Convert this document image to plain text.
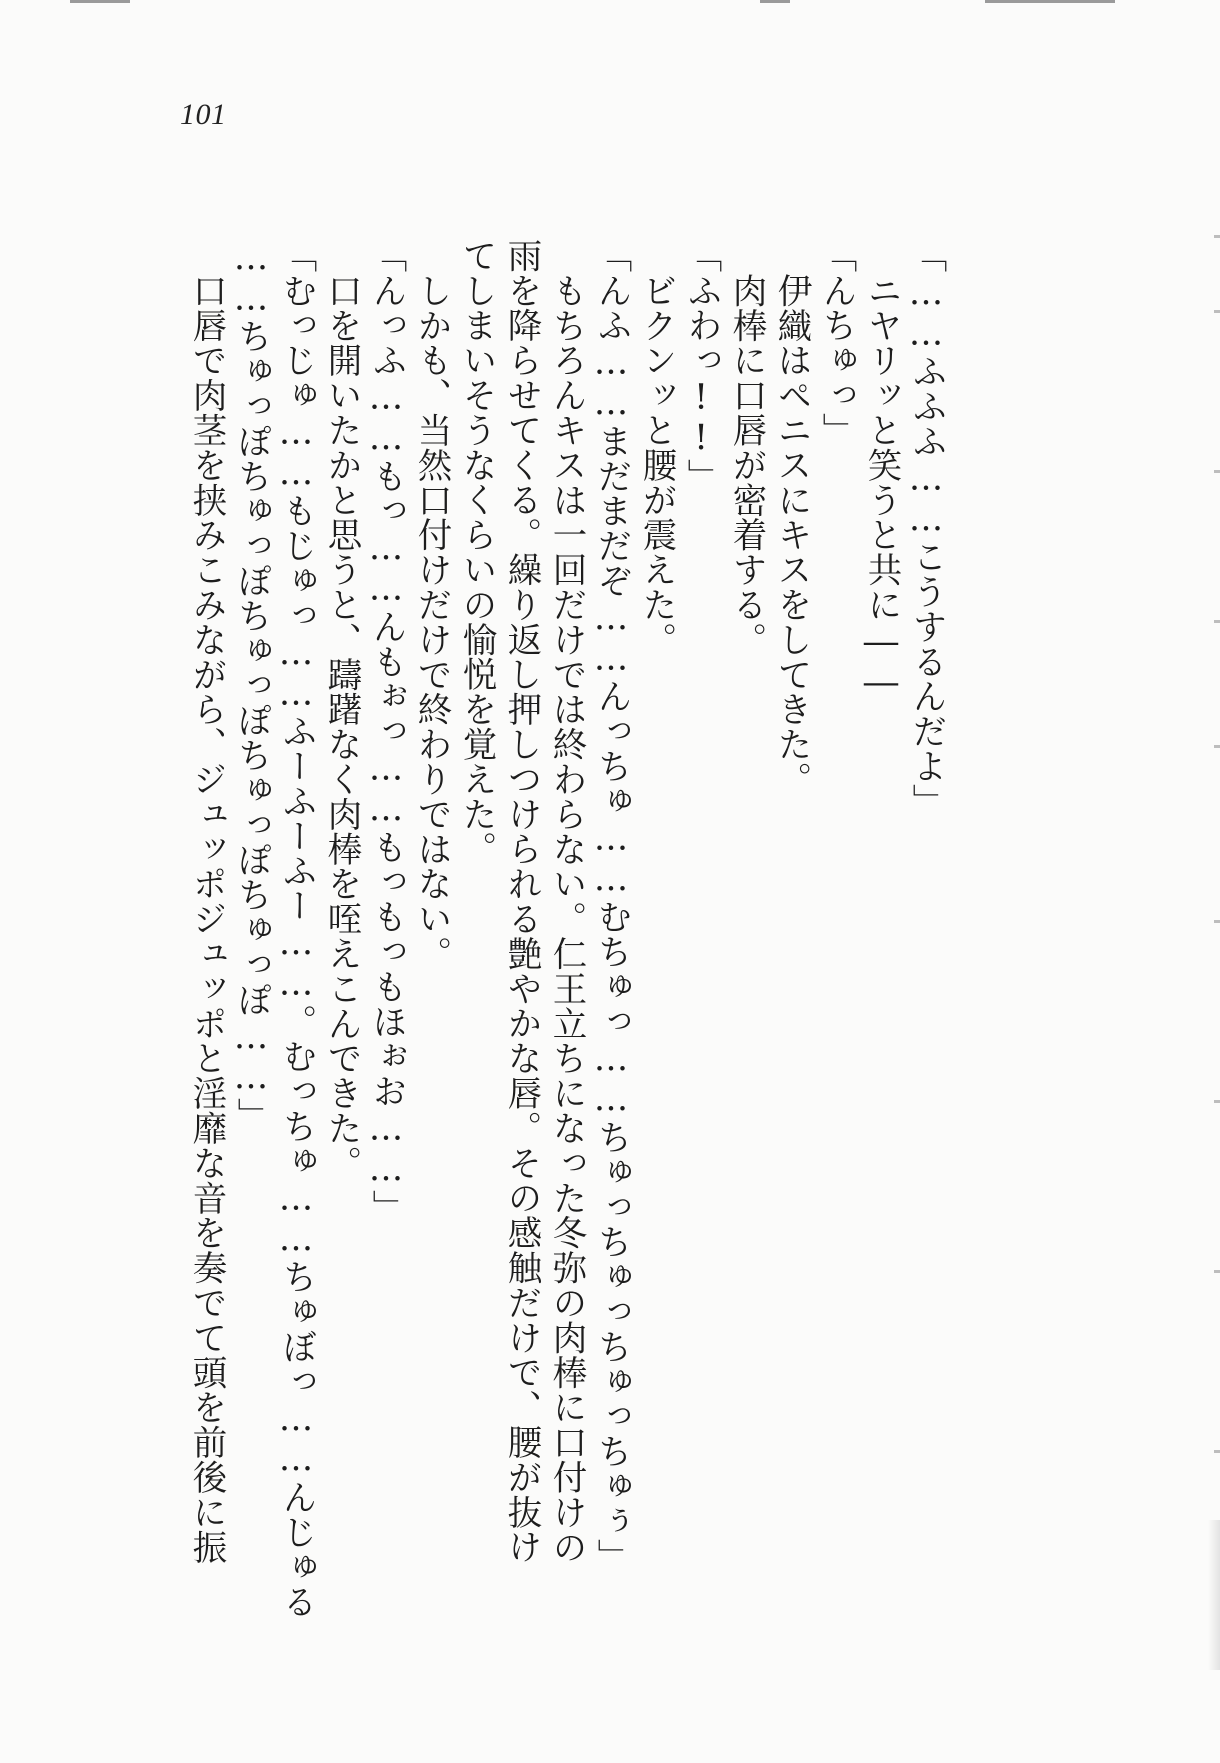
101
「……ふふふ……こうするんだよ」
ニヤリッと笑うと共に――
「んちゅっ」
伊織はペニスにキスをしてきた。
肉棒に口唇が密着する。
「ふわっ!!」
ビクンッと腰が震えた。
「んふ……まだまだぞ……んっちゅ……むちゅっ……ちゅっちゅっちゅっちゅぅ」
もちろんキスは一回だけでは終わらない。仁王立ちになった冬弥の肉棒に口付けの
雨を降らせてくる。繰り返し押しつけられる艶やかな唇。その感触だけで、腰が抜け
てしまいそうなくらいの愉悦を覚えた。
しかも、当然口付けだけで終わりではない。
「んっふ……もっ……んもぉっ……もっもっもほぉお……」
口を開いたかと思うと、躊躇なく肉棒を咥えこんできた。
「むっじゅ……もじゅっ……ふーふーふー……。むっちゅ……ちゅぼっ……んじゅる
……ちゅっぽちゅっぽちゅっぽちゅっぽちゅっぽ……」
口唇で肉茎を挟みこみながら、ジュッポジュッポと淫靡な音を奏でて頭を前後に振
